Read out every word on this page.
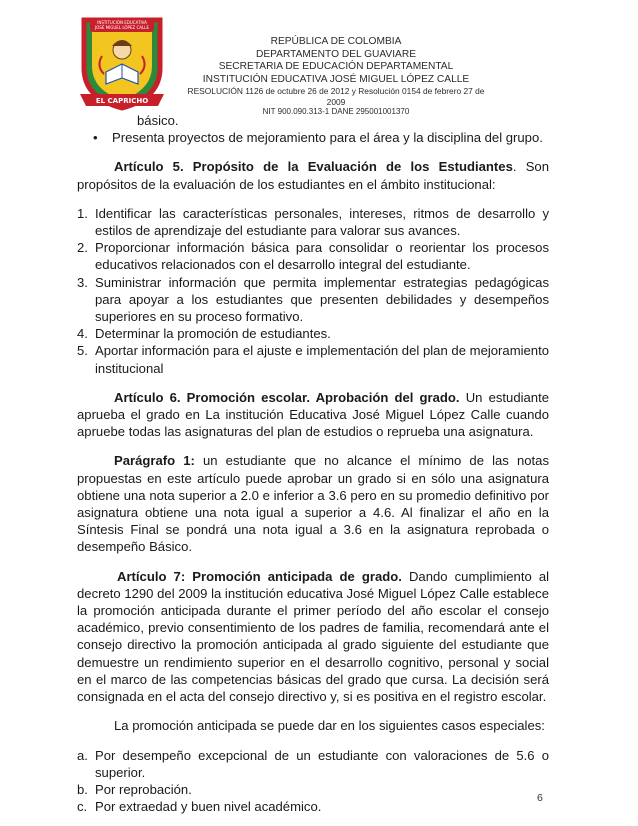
INSTITUCIÓN EDUCATIVA
JOSÉ MIGUEL LÓPEZ CALLE
EL CAPRICHO
REPÚBLICA DE COLOMBIA
DEPARTAMENTO DEL GUAVIARE
SECRETARIA DE EDUCACIÓN DEPARTAMENTAL
INSTITUCIÓN EDUCATIVA JOSÉ MIGUEL LÓPEZ CALLE
RESOLUCIÓN 1126 de octubre 26 de 2012 y Resolución 0154 de febrero 27 de 2009
NIT 900.090.313-1 DANE 295001001370

básico.

• Presenta proyectos de mejoramiento para el área y la disciplina del grupo.

Artículo 5. Propósito de la Evaluación de los Estudiantes. Son propósitos de la evaluación de los estudiantes en el ámbito institucional:

1. Identificar las características personales, intereses, ritmos de desarrollo y estilos de aprendizaje del estudiante para valorar sus avances.
2. Proporcionar información básica para consolidar o reorientar los procesos educativos relacionados con el desarrollo integral del estudiante.
3. Suministrar información que permita implementar estrategias pedagógicas para apoyar a los estudiantes que presenten debilidades y desempeños superiores en su proceso formativo.
4. Determinar la promoción de estudiantes.
5. Aportar información para el ajuste e implementación del plan de mejoramiento institucional

Artículo 6. Promoción escolar. Aprobación del grado. Un estudiante aprueba el grado en La institución Educativa José Miguel López Calle cuando apruebe todas las asignaturas del plan de estudios o reprueba una asignatura.

Parágrafo 1: un estudiante que no alcance el mínimo de las notas propuestas en este artículo puede aprobar un grado si en sólo una asignatura obtiene una nota superior a 2.0 e inferior a 3.6 pero en su promedio definitivo por asignatura obtiene una nota igual a superior a 4.6. Al finalizar el año en la Síntesis Final se pondrá una nota igual a 3.6 en la asignatura reprobada o desempeño Básico.

Artículo 7: Promoción anticipada de grado. Dando cumplimiento al decreto 1290 del 2009 la institución educativa José Miguel López Calle establece la promoción anticipada durante el primer período del año escolar el consejo académico, previo consentimiento de los padres de familia, recomendará ante el consejo directivo la promoción anticipada al grado siguiente del estudiante que demuestre un rendimiento superior en el desarrollo cognitivo, personal y social en el marco de las competencias básicas del grado que cursa. La decisión será consignada en el acta del consejo directivo y, si es positiva en el registro escolar.

La promoción anticipada se puede dar en los siguientes casos especiales:

a. Por desempeño excepcional de un estudiante con valoraciones de 5.6 o superior.
b. Por reprobación.
c. Por extraedad y buen nivel académico.
6
